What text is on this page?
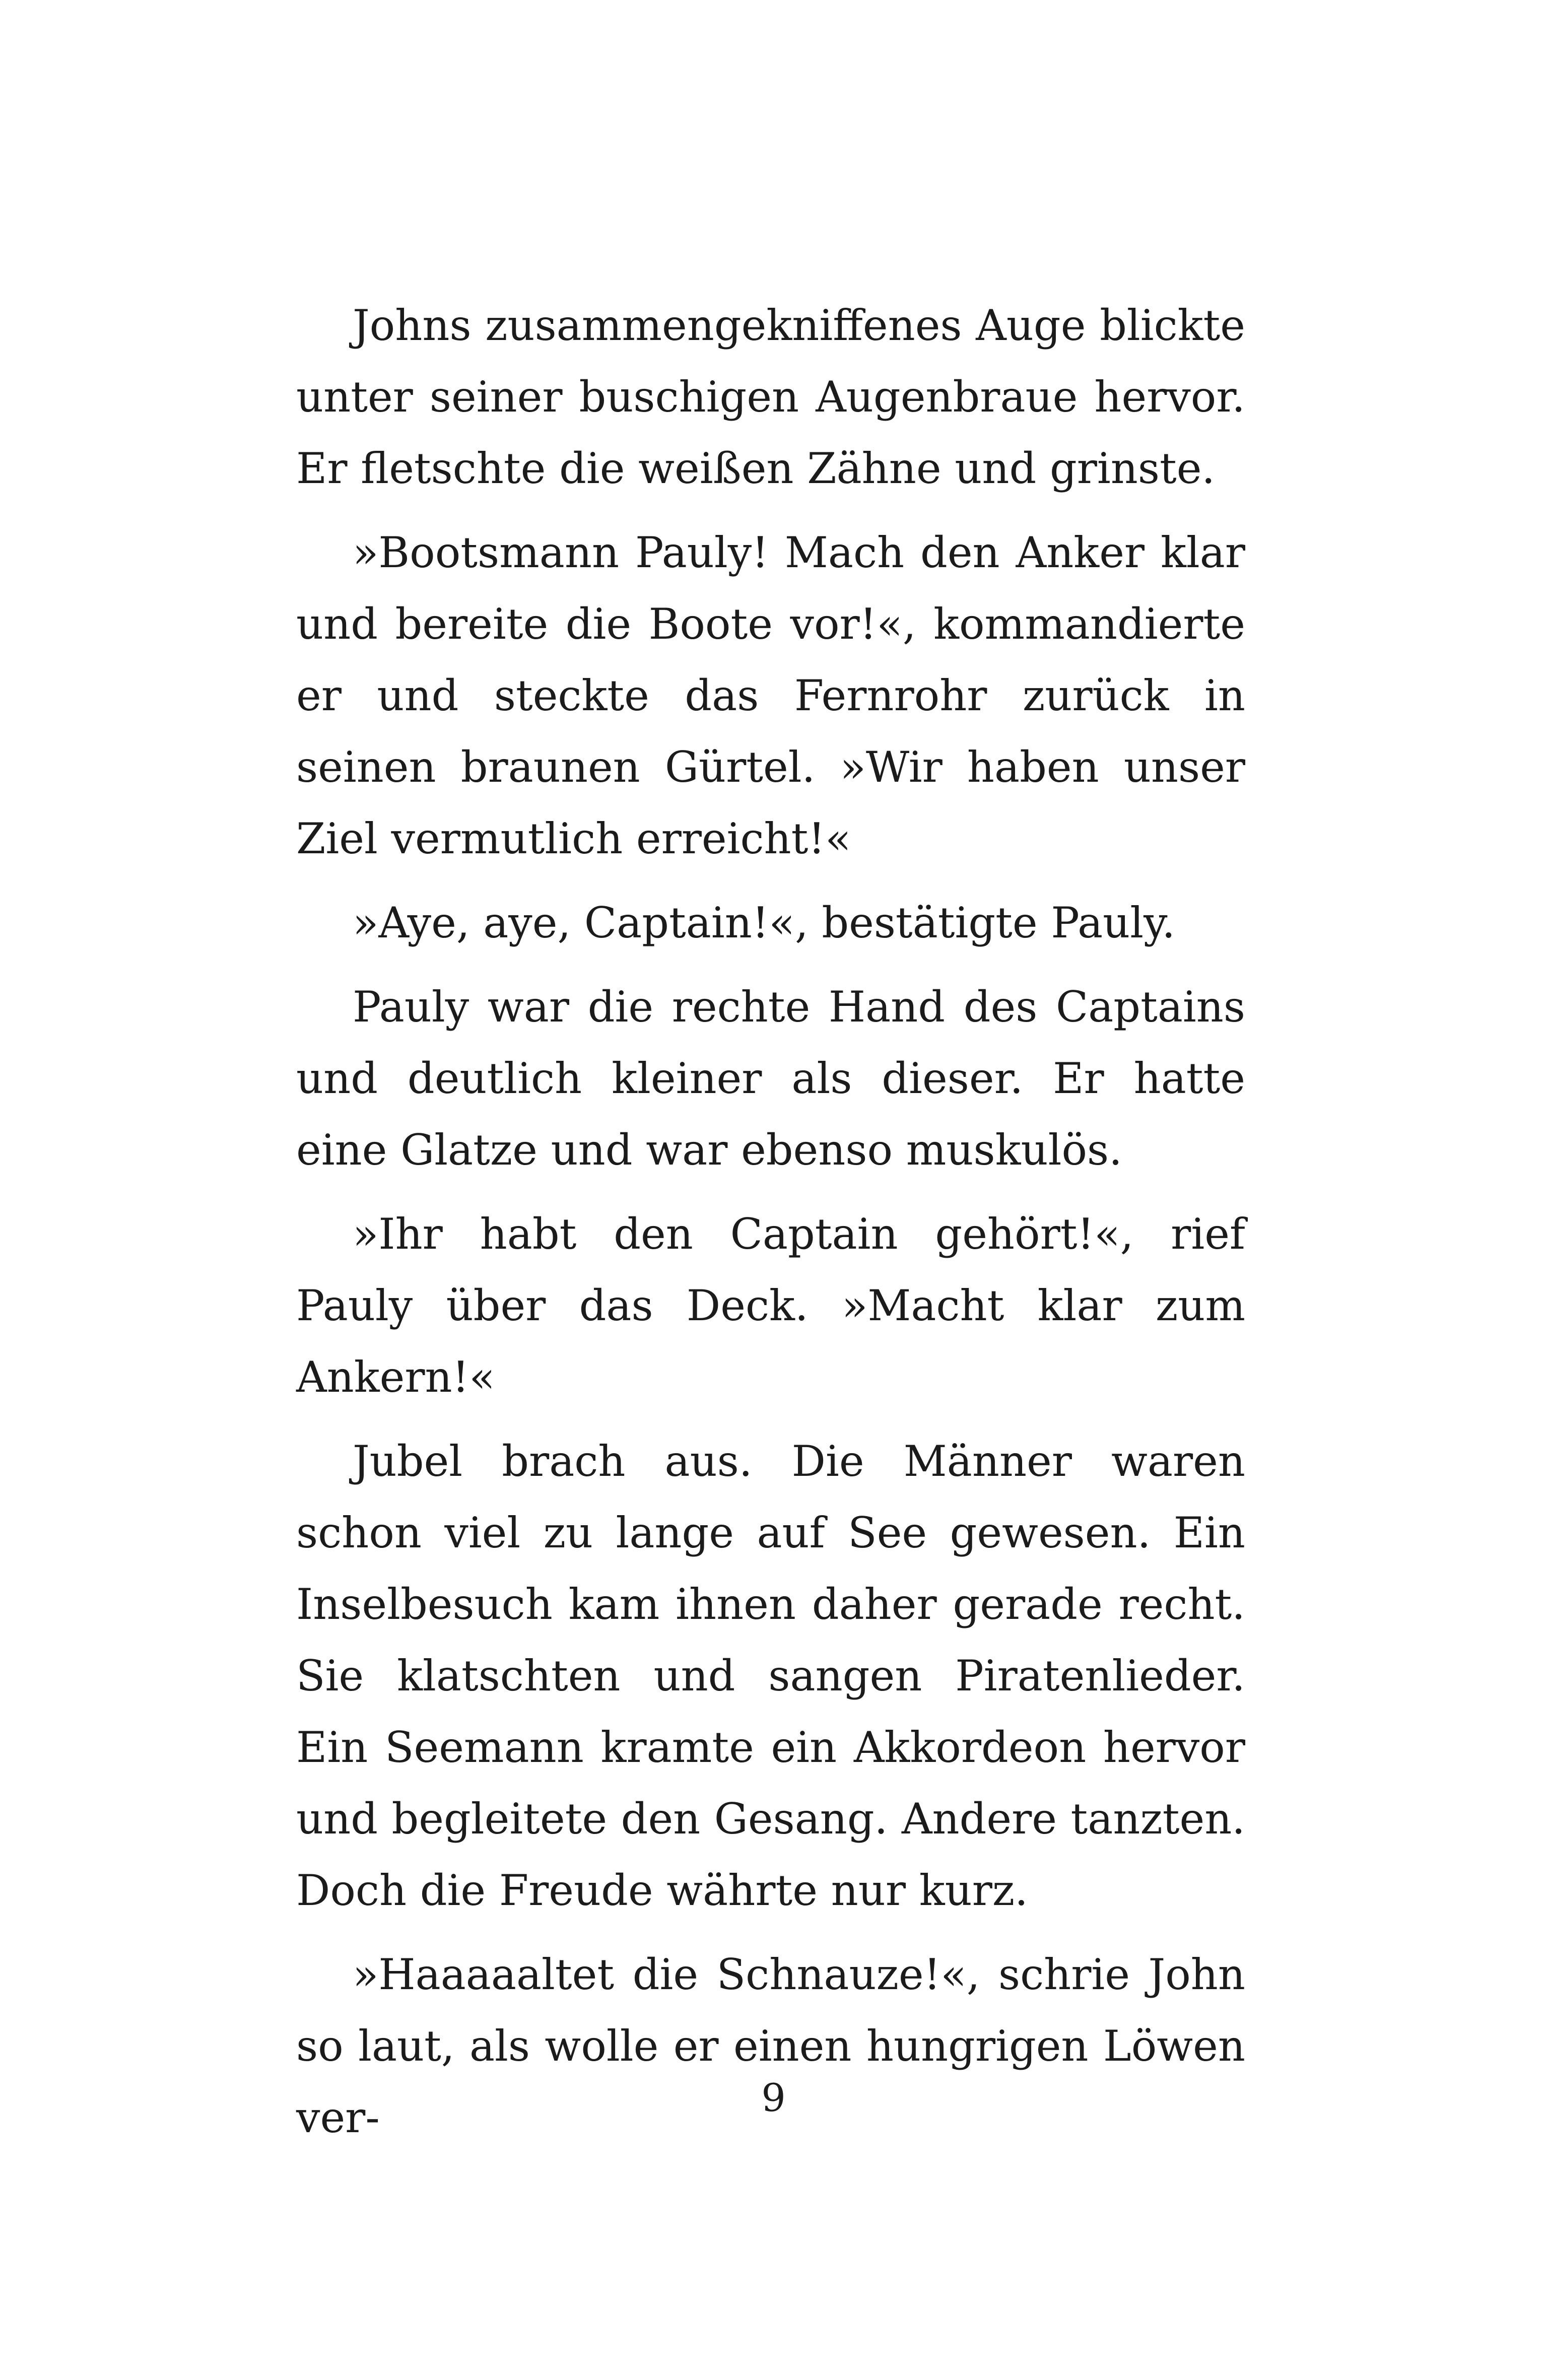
Johns zusammengekniffenes Auge blickte unter seiner buschigen Augenbraue hervor. Er fletschte die weißen Zähne und grinste.

»Bootsmann Pauly! Mach den Anker klar und bereite die Boote vor!«, kommandierte er und steckte das Fernrohr zurück in seinen braunen Gürtel. »Wir haben unser Ziel vermutlich erreicht!«

»Aye, aye, Captain!«, bestätigte Pauly.

Pauly war die rechte Hand des Captains und deutlich kleiner als dieser. Er hatte eine Glatze und war ebenso muskulös.

»Ihr habt den Captain gehört!«, rief Pauly über das Deck. »Macht klar zum Ankern!«

Jubel brach aus. Die Männer waren schon viel zu lange auf See gewesen. Ein Inselbesuch kam ihnen daher gerade recht. Sie klatschten und sangen Piratenlieder. Ein Seemann kramte ein Akkordeon hervor und begleitete den Gesang. Andere tanzten. Doch die Freude währte nur kurz.

»Haaaaaltet die Schnauze!«, schrie John so laut, als wolle er einen hungrigen Löwen ver-	9
